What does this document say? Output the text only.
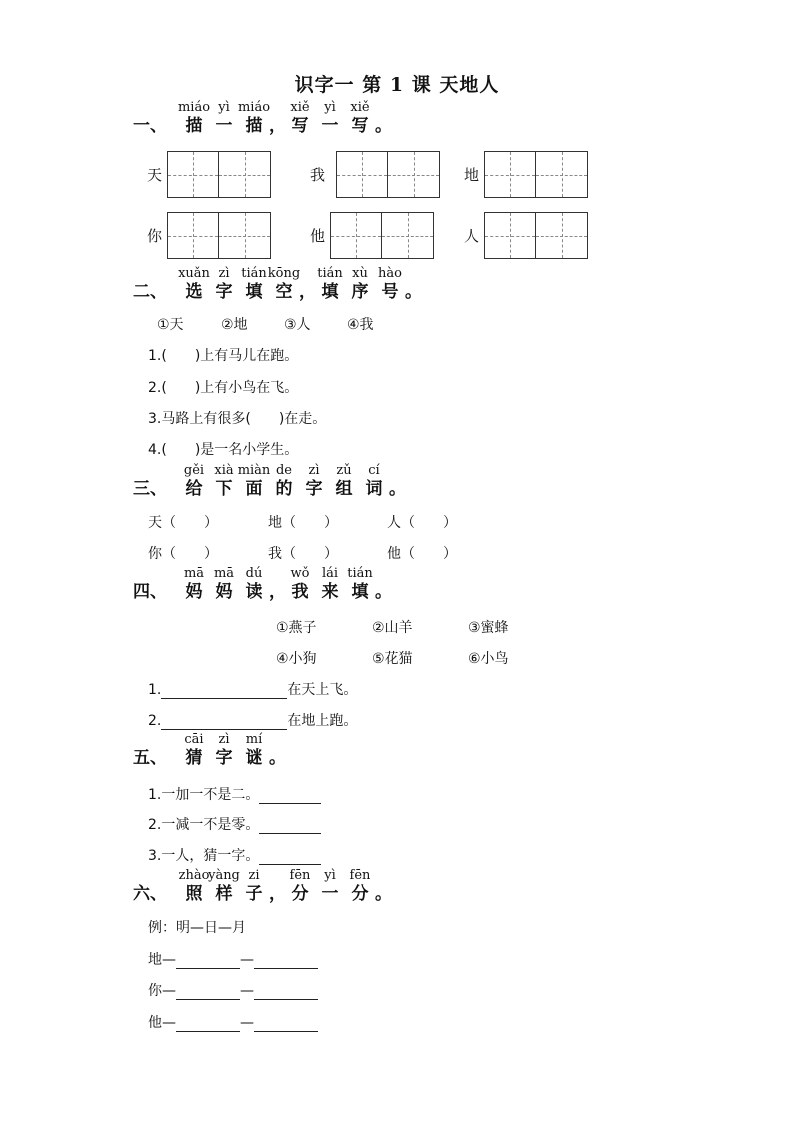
识字一 第 1 课 天地人
一、
miáo
描
yì
一
miáo
描 ，
xiě
写
yì
一
xiě
写 。
天	我	地
你	他	人
二、
xuǎn
选
zì
字
tián
填
kōng
空 ，
tián
填
xù
序
hào
号 。
①天	②地	③人	④我
1.(　　)上有马儿在跑。
2.(　　)上有小鸟在飞。
3.马路上有很多(　　)在走。
4.(　　)是一名小学生。
三、
gěi
给
xià
下
miàn
面
de
的
zì
字
zǔ
组
cí
词 。
天（　　）	地（　　）	人（　　）
你（　　）	我（　　）	他（　　）
四、
mā
妈
mā
妈
dú
读 ，
wǒ
我
lái
来
tián
填 。
①燕子	②山羊	③蜜蜂
④小狗	⑤花猫	⑥小鸟
1.	在天上飞。
2.	在地上跑。
五、
cāi
猜
zì
字
mí
谜 。
1.一加一不是二。
2.一减一不是零。
3.一人，猜一字。
六、
zhào
照
yàng
样
zi
子 ，
fēn
分
yì
一
fēn
分 。
例：明—日—月
地—	—
你—	—
他—	—
